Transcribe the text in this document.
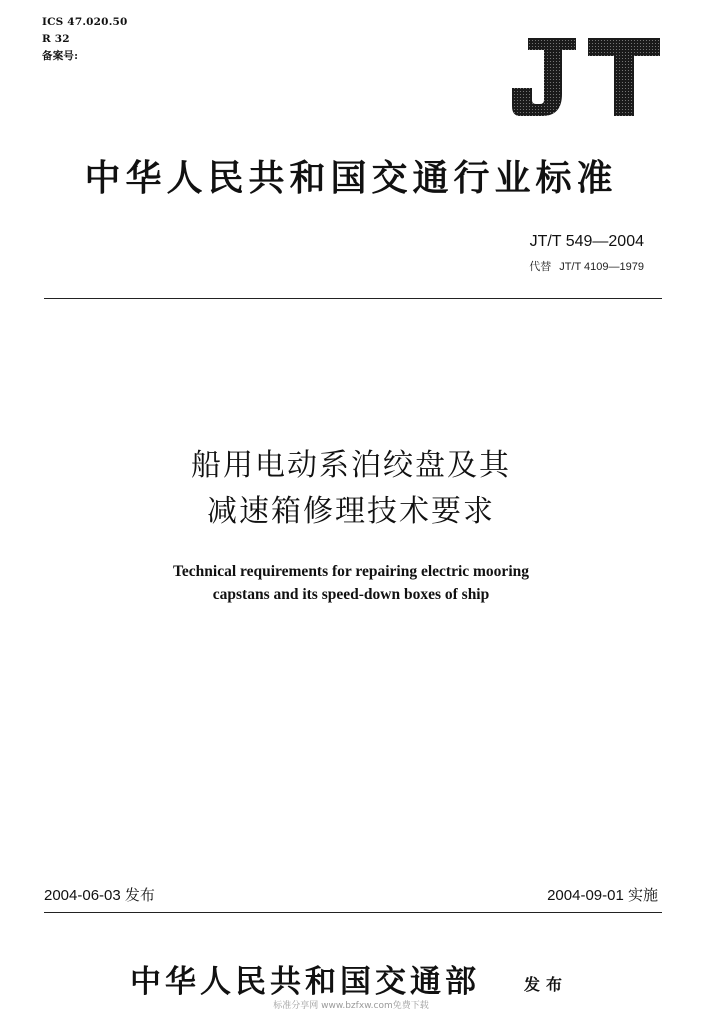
ICS 47.020.50
R 32
备案号:
中华人民共和国交通行业标准
JT/T 549—2004
代替 JT/T 4109—1979
船用电动系泊绞盘及其
减速箱修理技术要求
Technical requirements for repairing electric mooring
capstans and its speed-down boxes of ship
2004-06-03 发布	2004-09-01 实施
中华人民共和国交通部	发布
标准分享网 www.bzfxw.com免费下载
